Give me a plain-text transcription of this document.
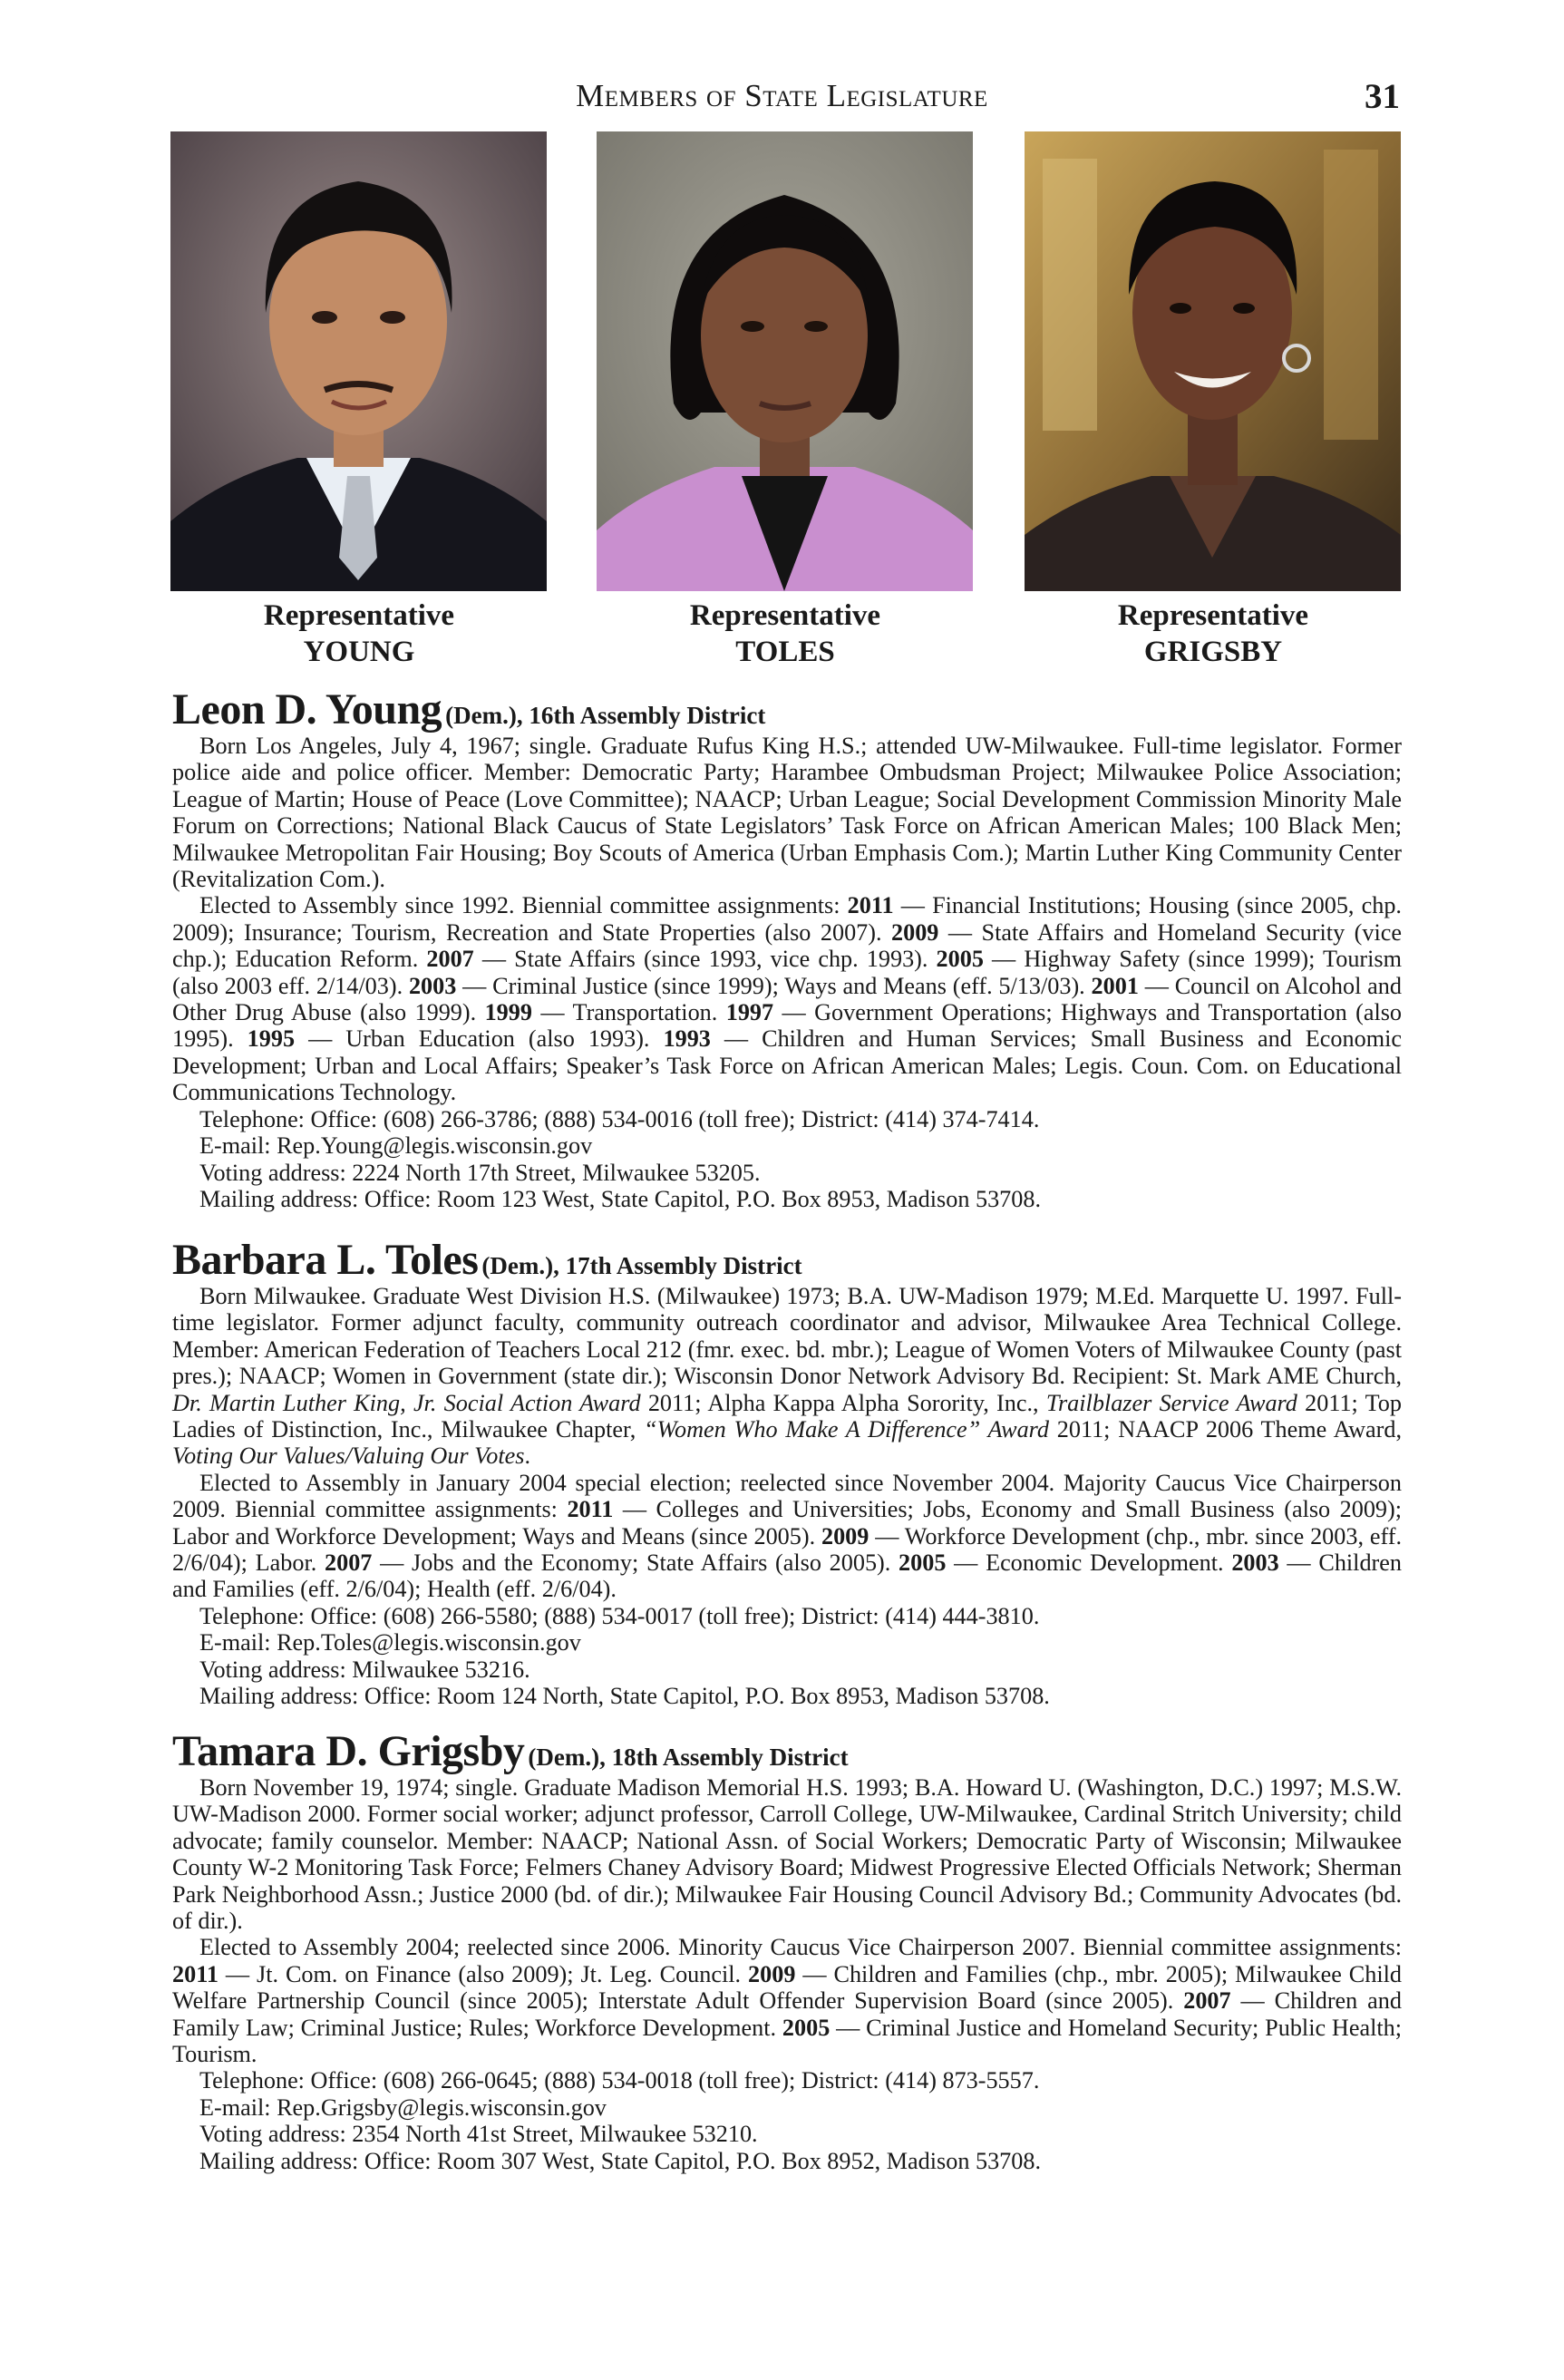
Members of State Legislature	31
Representative
YOUNG
Representative
TOLES
Representative
GRIGSBY
Leon D. Young (Dem.), 16th Assembly District

Born Los Angeles, July 4, 1967; single. Graduate Rufus King H.S.; attended UW-Milwaukee. Full-time legislator. Former police aide and police officer. Member: Democratic Party; Harambee Ombudsman Project; Milwaukee Police Association; League of Martin; House of Peace (Love Committee); NAACP; Urban League; Social Development Commission Minority Male Forum on Corrections; National Black Caucus of State Legislators’ Task Force on African American Males; 100 Black Men; Milwaukee Metropolitan Fair Housing; Boy Scouts of America (Urban Emphasis Com.); Martin Luther King Community Center (Revitalization Com.).

Elected to Assembly since 1992. Biennial committee assignments: 2011 — Financial Institutions; Housing (since 2005, chp. 2009); Insurance; Tourism, Recreation and State Properties (also 2007). 2009 — State Affairs and Homeland Security (vice chp.); Education Reform. 2007 — State Affairs (since 1993, vice chp. 1993). 2005 — Highway Safety (since 1999); Tourism (also 2003 eff. 2/14/03). 2003 — Criminal Justice (since 1999); Ways and Means (eff. 5/13/03). 2001 — Council on Alcohol and Other Drug Abuse (also 1999). 1999 — Transportation. 1997 — Government Operations; Highways and Transportation (also 1995). 1995 — Urban Education (also 1993). 1993 — Children and Human Services; Small Business and Economic Development; Urban and Local Affairs; Speaker’s Task Force on African American Males; Legis. Coun. Com. on Educational Communications Technology.

Telephone: Office: (608) 266-3786; (888) 534-0016 (toll free); District: (414) 374-7414.

E-mail: Rep.Young@legis.wisconsin.gov

Voting address: 2224 North 17th Street, Milwaukee 53205.

Mailing address: Office: Room 123 West, State Capitol, P.O. Box 8953, Madison 53708.

Barbara L. Toles (Dem.), 17th Assembly District

Born Milwaukee. Graduate West Division H.S. (Milwaukee) 1973; B.A. UW-Madison 1979; M.Ed. Marquette U. 1997. Full-time legislator. Former adjunct faculty, community outreach coordinator and advisor, Milwaukee Area Technical College. Member: American Federation of Teachers Local 212 (fmr. exec. bd. mbr.); League of Women Voters of Milwaukee County (past pres.); NAACP; Women in Government (state dir.); Wisconsin Donor Network Advisory Bd. Recipient: St. Mark AME Church, Dr. Martin Luther King, Jr. Social Action Award 2011; Alpha Kappa Alpha Sorority, Inc., Trailblazer Service Award 2011; Top Ladies of Distinction, Inc., Milwaukee Chapter, “Women Who Make A Difference” Award 2011; NAACP 2006 Theme Award, Voting Our Values/Valuing Our Votes.

Elected to Assembly in January 2004 special election; reelected since November 2004. Majority Caucus Vice Chairperson 2009. Biennial committee assignments: 2011 — Colleges and Universities; Jobs, Economy and Small Business (also 2009); Labor and Workforce Development; Ways and Means (since 2005). 2009 — Workforce Development (chp., mbr. since 2003, eff. 2/6/04); Labor. 2007 — Jobs and the Economy; State Affairs (also 2005). 2005 — Economic Development. 2003 — Children and Families (eff. 2/6/04); Health (eff. 2/6/04).

Telephone: Office: (608) 266-5580; (888) 534-0017 (toll free); District: (414) 444-3810.

E-mail: Rep.Toles@legis.wisconsin.gov

Voting address: Milwaukee 53216.

Mailing address: Office: Room 124 North, State Capitol, P.O. Box 8953, Madison 53708.

Tamara D. Grigsby (Dem.), 18th Assembly District

Born November 19, 1974; single. Graduate Madison Memorial H.S. 1993; B.A. Howard U. (Washington, D.C.) 1997; M.S.W. UW-Madison 2000. Former social worker; adjunct professor, Carroll College, UW-Milwaukee, Cardinal Stritch University; child advocate; family counselor. Member: NAACP; National Assn. of Social Workers; Democratic Party of Wisconsin; Milwaukee County W-2 Monitoring Task Force; Felmers Chaney Advisory Board; Midwest Progressive Elected Officials Network; Sherman Park Neighborhood Assn.; Justice 2000 (bd. of dir.); Milwaukee Fair Housing Council Advisory Bd.; Community Advocates (bd. of dir.).

Elected to Assembly 2004; reelected since 2006. Minority Caucus Vice Chairperson 2007. Biennial committee assignments: 2011 — Jt. Com. on Finance (also 2009); Jt. Leg. Council. 2009 — Children and Families (chp., mbr. 2005); Milwaukee Child Welfare Partnership Council (since 2005); Interstate Adult Offender Supervision Board (since 2005). 2007 — Children and Family Law; Criminal Justice; Rules; Workforce Development. 2005 — Criminal Justice and Homeland Security; Public Health; Tourism.

Telephone: Office: (608) 266-0645; (888) 534-0018 (toll free); District: (414) 873-5557.

E-mail: Rep.Grigsby@legis.wisconsin.gov

Voting address: 2354 North 41st Street, Milwaukee 53210.

Mailing address: Office: Room 307 West, State Capitol, P.O. Box 8952, Madison 53708.
